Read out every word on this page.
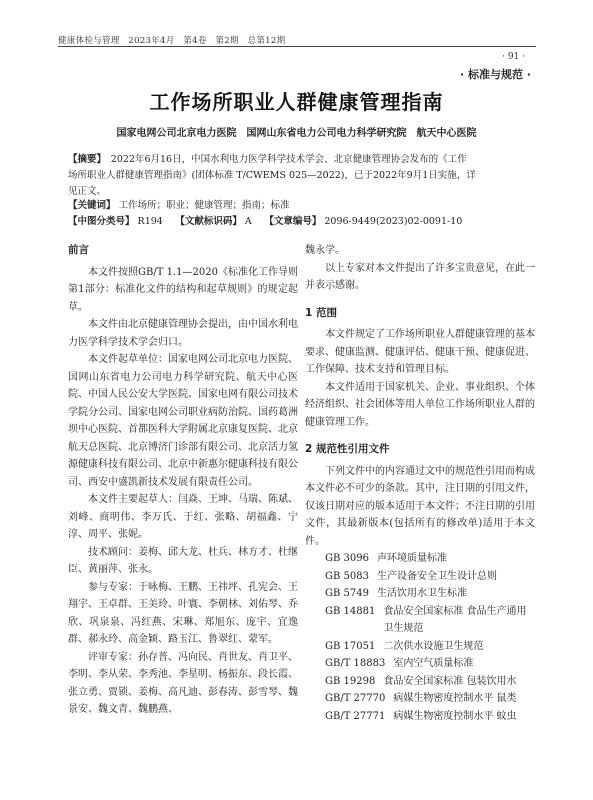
健康体检与管理　2023年4月　第4卷　第2期　总第12期
· 91 ·
· 标准与规范 ·
工作场所职业人群健康管理指南
国家电网公司北京电力医院　国网山东省电力公司电力科学研究院　航天中心医院
【摘要】　 2022年6月16日，中国水利电力医学科学技术学会、北京健康管理协会发布的《工作
场所职业人群健康管理指南》(团体标准 T/CWEMS 025—2022)，已于2022年9月1日实施，详
见正文。
【关键词】 工作场所；职业；健康管理；指南；标准
【中图分类号】 R194　 【文献标识码】 A　 【文章编号】 2096-9449(2023)02-0091-10
前言

本文件按照GB/T 1.1—2020《标准化工作导则　第1部分：标准化文件的结构和起草规则》的规定起草。

本文件由北京健康管理协会提出，由中国水利电力医学科学技术学会归口。

本文件起草单位：国家电网公司北京电力医院、国网山东省电力公司电力科学研究院、航天中心医院、中国人民公安大学医院、国家电网有限公司技术学院分公司、国家电网公司职业病防治院、国药葛洲坝中心医院、首都医科大学附属北京康复医院、北京航天总医院、北京博济门诊部有限公司、北京活力氢源健康科技有限公司、北京中新惠尔健康科技有限公司、西安中盛凯新技术发展有限责任公司。

本文件主要起草人：闫焱、王坤、马瑞、陈斌、刘峰、商明伟、李万氏、于红、张略、胡福鑫、宁淳、周平、张妮。

技术顾问：姜梅、邱大龙、杜兵、林方才、杜继臣、黄丽萍、张永。

参与专家：于咏梅、王鹏、王祎坪、孔宪会、王翔宇、王卓群、王美玲、叶寰、李朝林、刘佑琴、乔欣、巩泉泉、冯红燕、宋琳、郑旭东、庞宇、宜逸群、郝永玲、高金颖、路玉江、鲁翠红、蒙军。

评审专家：孙存普、冯向民、肖世友、肖卫平、李明、李从荣、李秀池、李星明、杨振东、段长霞、张立勇、贾锁、姜梅、高凡迪、彭春涛、彭雪琴、魏景安、魏文青、魏鹏燕、

魏永学。

以上专家对本文件提出了许多宝贵意见，在此一并表示感谢。

1 范围

本文件规定了工作场所职业人群健康管理的基本要求、健康监测、健康评估、健康干预、健康促进、工作保障、技术支持和管理目标。

本文件适用于国家机关、企业、事业组织、个体经济组织、社会团体等用人单位工作场所职业人群的健康管理工作。

2 规范性引用文件

下列文件中的内容通过文中的规范性引用而构成本文件必不可少的条款。其中，注日期的引用文件，仅该日期对应的版本适用于本文件；不注日期的引用文件，其最新版本(包括所有的修改单)适用于本文件。

GB 3096 声环境质量标准
GB 5083 生产设备安全卫生设计总则
GB 5749 生活饮用水卫生标准
GB 14881 食品安全国家标准 食品生产通用卫生规范
GB 17051 二次供水设施卫生规范
GB/T 18883 室内空气质量标准
GB 19298 食品安全国家标准 包装饮用水
GB/T 27770 病媒生物密度控制水平 鼠类
GB/T 27771 病媒生物密度控制水平 蚊虫
